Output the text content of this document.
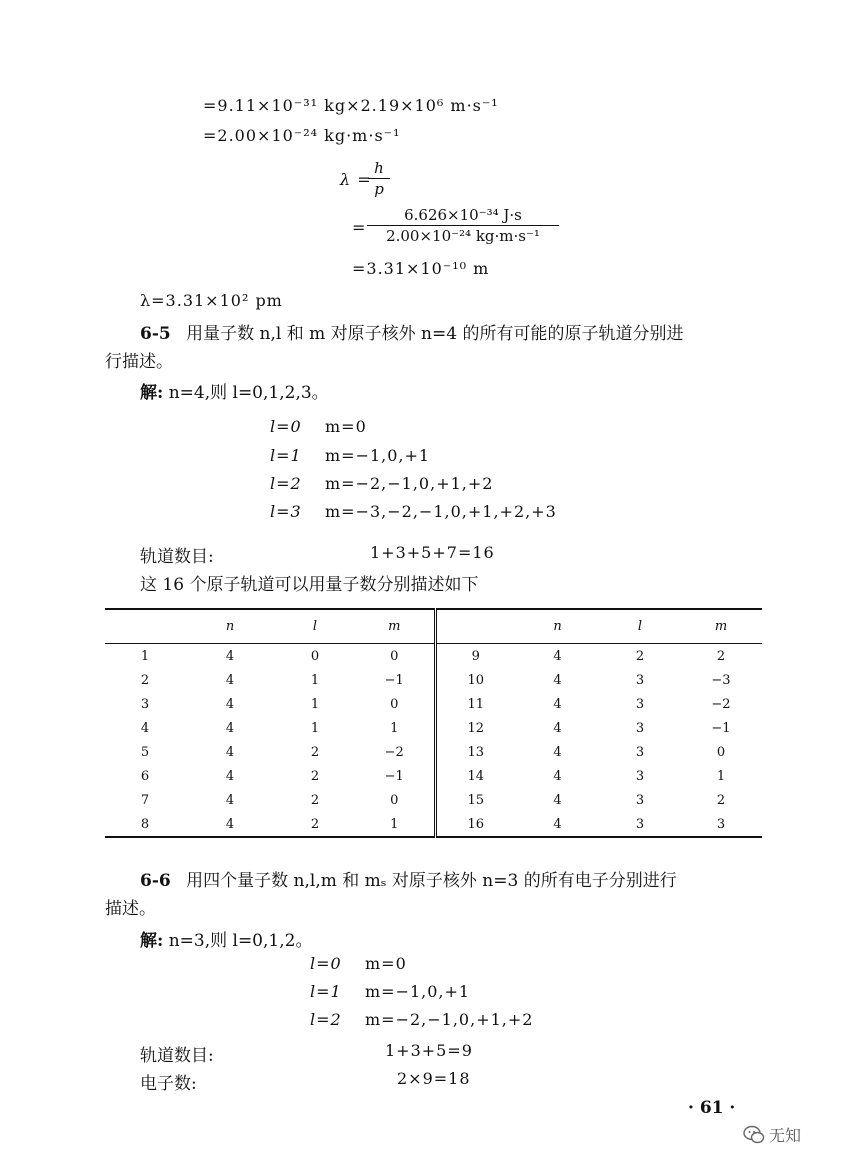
=9.11×10⁻³¹ kg×2.19×10⁶ m·s⁻¹
=2.00×10⁻²⁴ kg·m·s⁻¹
λ =
h
p
=
6.626×10⁻³⁴ J·s
2.00×10⁻²⁴ kg·m·s⁻¹
=3.31×10⁻¹⁰ m
λ=3.31×10² pm
6-5 用量子数 n,l 和 m 对原子核外 n=4 的所有可能的原子轨道分别进
行描述。
解: n=4,则 l=0,1,2,3。
l=0 m=0
l=1 m=−1,0,+1
l=2 m=−2,−1,0,+1,+2
l=3 m=−3,−2,−1,0,+1,+2,+3
轨道数目:	1+3+5+7=16
这 16 个原子轨道可以用量子数分别描述如下
	n	l	m		n	l	m
1	4	0	0	9	4	2	2
2	4	1	−1	10	4	3	−3
3	4	1	0	11	4	3	−2
4	4	1	1	12	4	3	−1
5	4	2	−2	13	4	3	0
6	4	2	−1	14	4	3	1
7	4	2	0	15	4	3	2
8	4	2	1	16	4	3	3
6-6 用四个量子数 n,l,m 和 mₛ 对原子核外 n=3 的所有电子分别进行
描述。
解: n=3,则 l=0,1,2。
l=0 m=0
l=1 m=−1,0,+1
l=2 m=−2,−1,0,+1,+2
轨道数目:	1+3+5=9
电子数:	2×9=18
· 61 ·
无知
